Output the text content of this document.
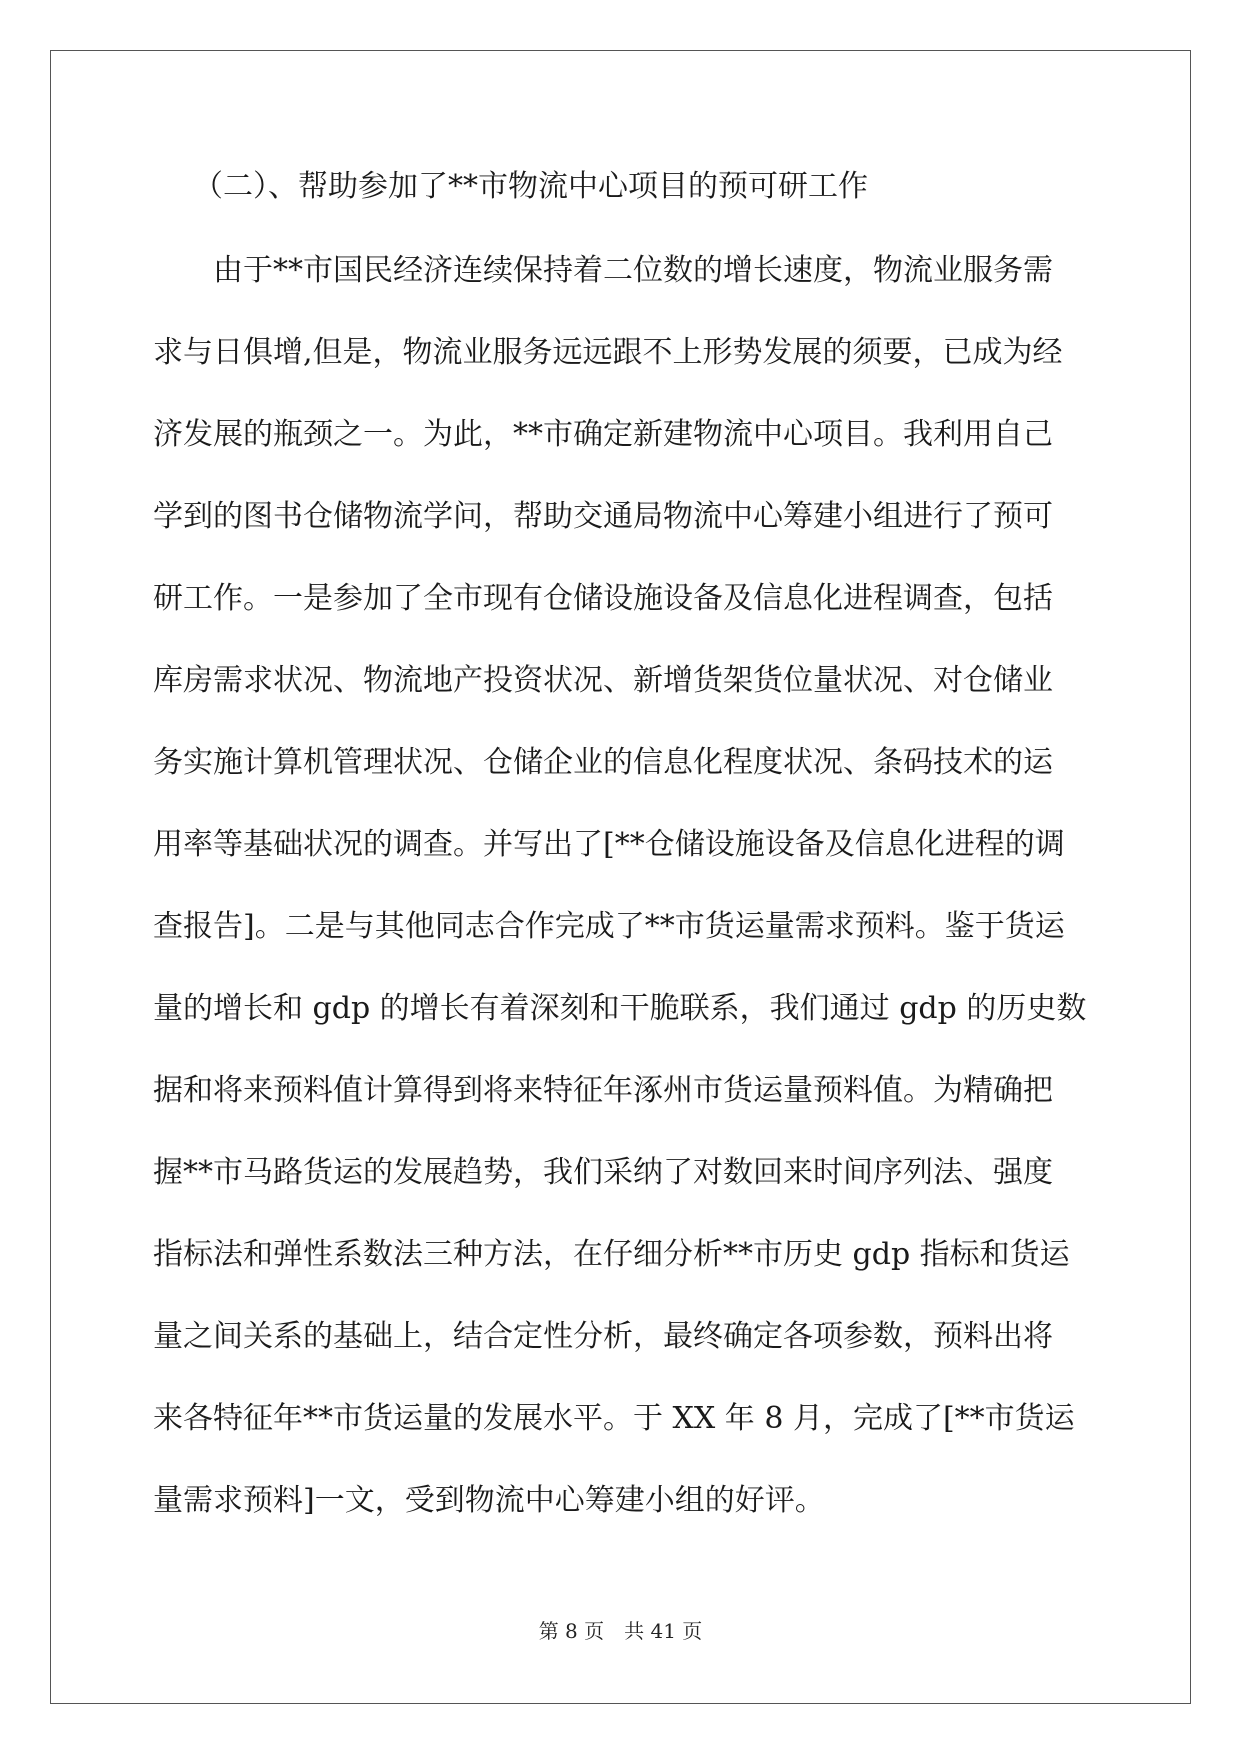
（二）、帮助参加了**市物流中心项目的预可研工作
　　由于**市国民经济连续保持着二位数的增长速度，物流业服务需
求与日俱增,但是，物流业服务远远跟不上形势发展的须要，已成为经
济发展的瓶颈之一。为此，**市确定新建物流中心项目。我利用自己
学到的图书仓储物流学问，帮助交通局物流中心筹建小组进行了预可
研工作。一是参加了全市现有仓储设施设备及信息化进程调查，包括
库房需求状况、物流地产投资状况、新增货架货位量状况、对仓储业
务实施计算机管理状况、仓储企业的信息化程度状况、条码技术的运
用率等基础状况的调查。并写出了[**仓储设施设备及信息化进程的调
查报告]。二是与其他同志合作完成了**市货运量需求预料。鉴于货运
量的增长和 gdp 的增长有着深刻和干脆联系，我们通过 gdp 的历史数
据和将来预料值计算得到将来特征年涿州市货运量预料值。为精确把
握**市马路货运的发展趋势，我们采纳了对数回来时间序列法、强度
指标法和弹性系数法三种方法，在仔细分析**市历史 gdp 指标和货运
量之间关系的基础上，结合定性分析，最终确定各项参数，预料出将
来各特征年**市货运量的发展水平。于 XX 年 8 月，完成了[**市货运
量需求预料]一文，受到物流中心筹建小组的好评。
第 8 页　共 41 页
